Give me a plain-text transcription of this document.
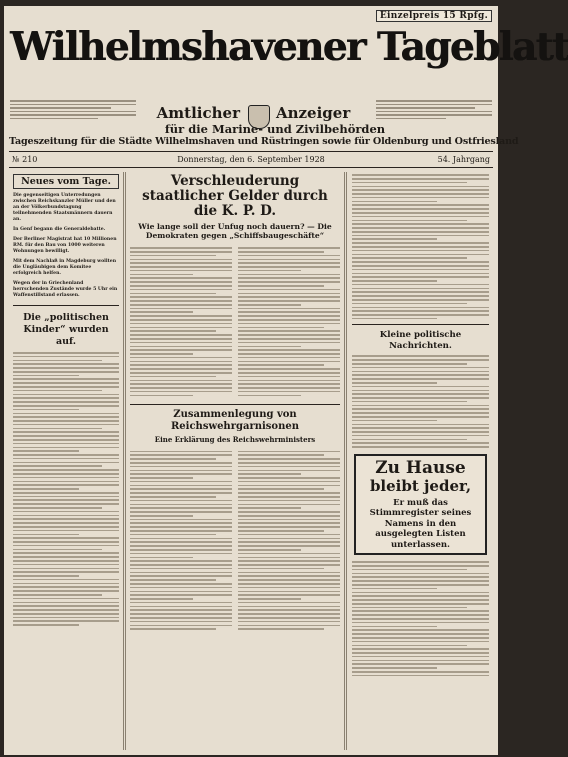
Einzelpreis 15 Rpfg.
Wilhelmshavener Tageblatt
Amtlicher Anzeiger
für die Marine- und Zivilbehörden
Tageszeitung für die Städte Wilhelmshaven und Rüstringen sowie für Oldenburg und Ostfriesland
№ 210	Donnerstag, den 6. September 1928	54. Jahrgang
Neues vom Tage.
Die gegenseitigen Unterredungen zwischen Reichskanzler Müller und den an der Völkerbundstagung teilnehmenden Staatsmännern dauern an.
In Genf begann die Generaldebatte.
Der Berliner Magistrat hat 10 Millionen RM. für den Bau von 1000 weiteren Wohnungen bewilligt.
Mit dem Nachlaß in Magdeburg wollten die Ungläubigen dem Komitee erfolgreich helfen.
Wegen der in Griechenland herrschenden Zustände wurde 5 Uhr ein Waffenstillstand erlassen.
Die „politischen Kinder“ wurden auf.
Verschleuderung staatlicher Gelder durch die K. P. D.
Wie lange soll der Unfug noch dauern? — Die Demokraten gegen „Schiffsbaugeschäfte“
Zusammenlegung von Reichswehrgarnisonen
Eine Erklärung des Reichswehrministers
Kleine politische Nachrichten.
Zu Hause
bleibt jeder,
Er muß das Stimmregister seines Namens in den ausgelegten Listen unterlassen.
